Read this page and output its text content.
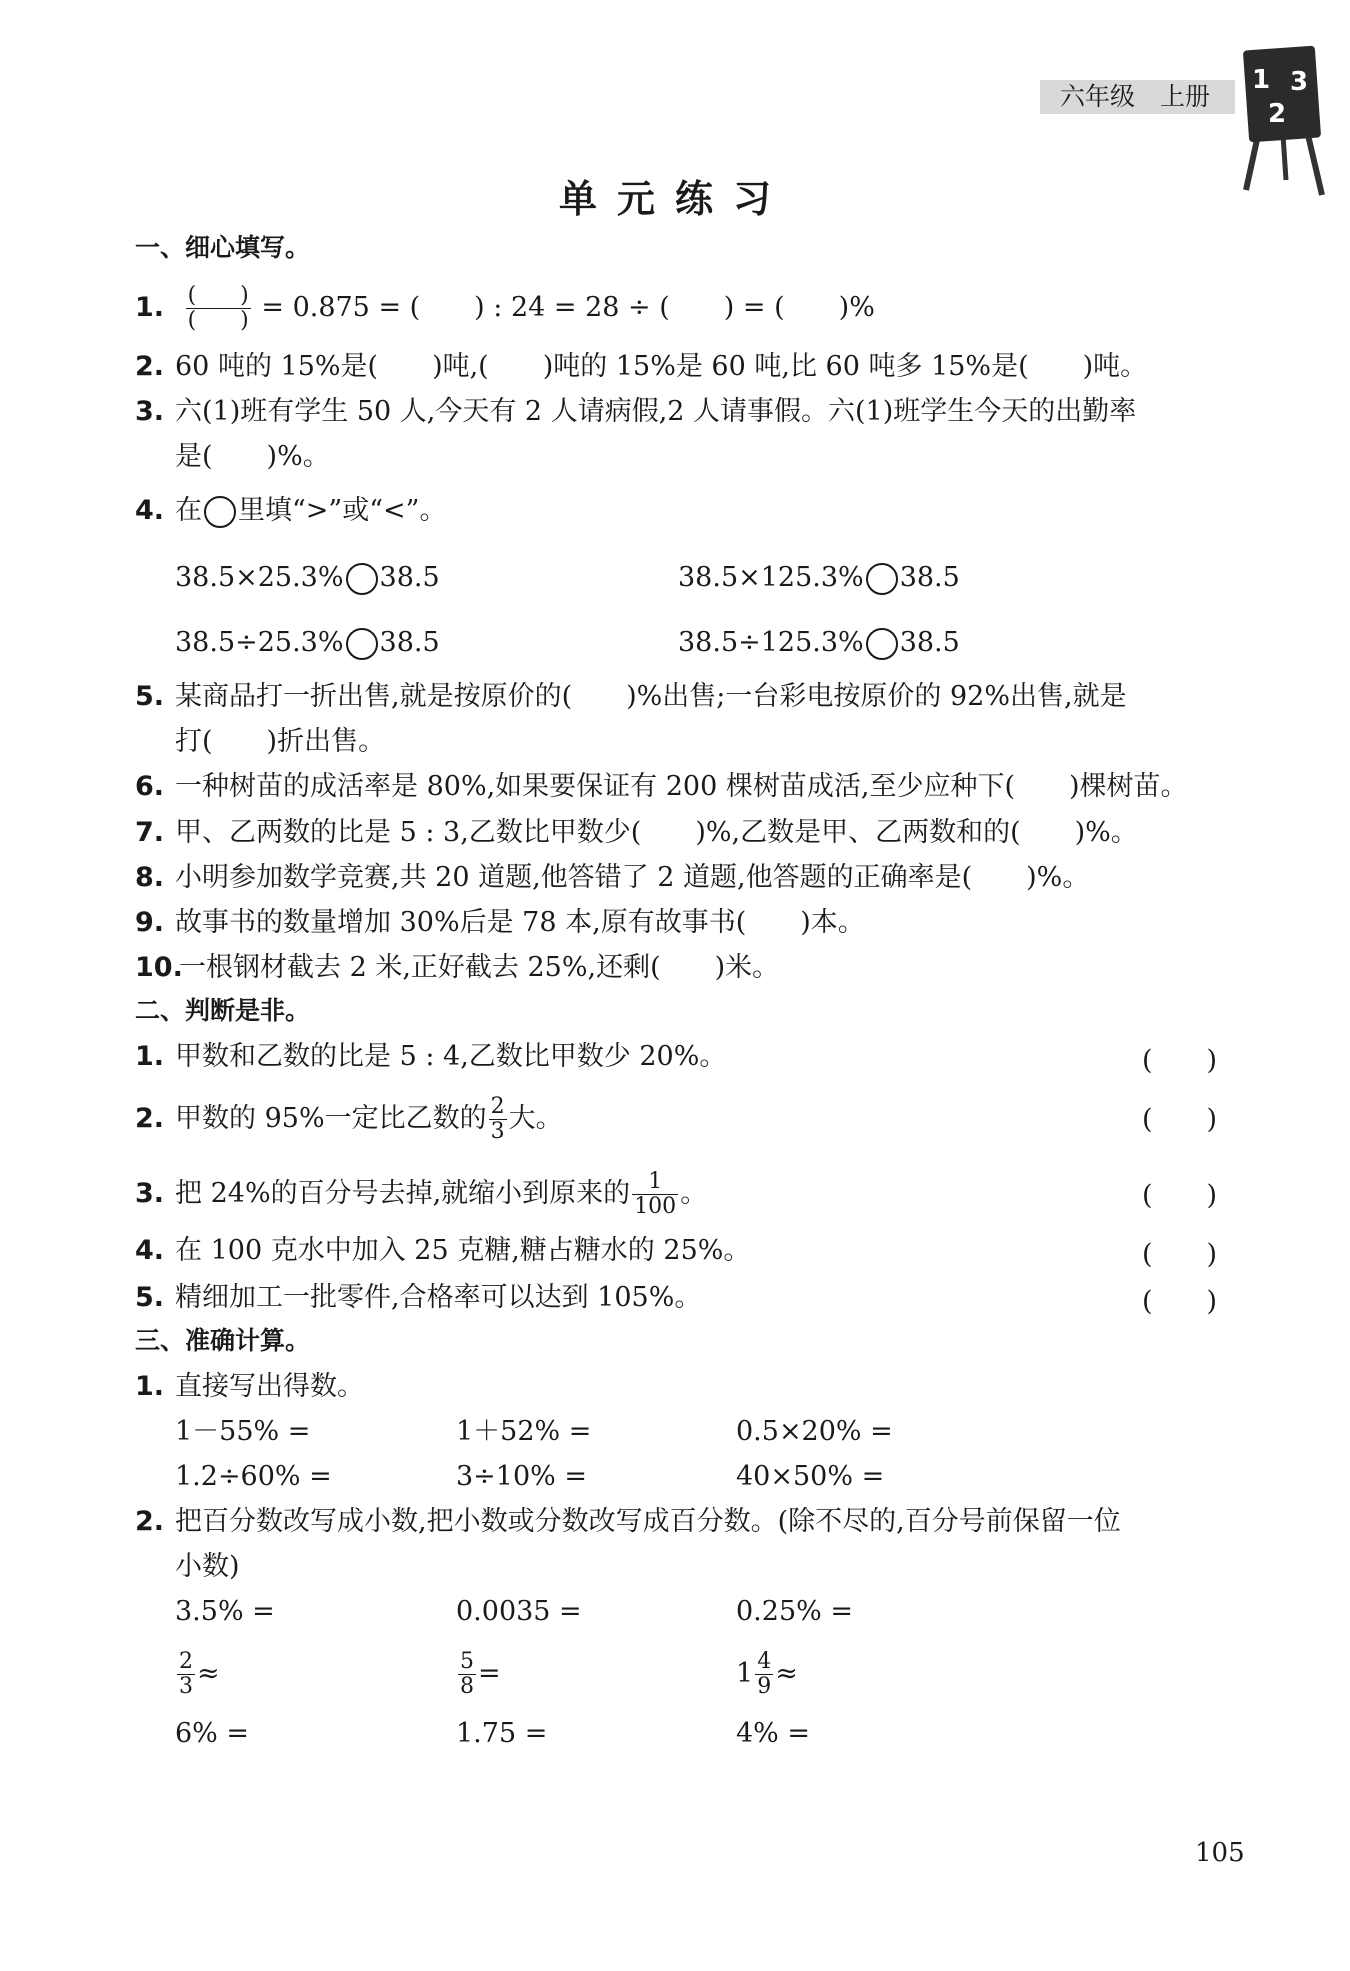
六年级　 上册
1 3
2
单元练习
一、细心填写。
1. $\frac{( )}{( )} = 0.875$ = (　　) : 24 = 28 ÷ (　　) = (　　)%
2. 60 吨的 15%是(　　)吨,(　　)吨的 15%是 60 吨,比 60 吨多 15%是(　　)吨。
3. 六(1)班有学生 50 人,今天有 2 人请病假,2 人请事假。六(1)班学生今天的出勤率
是(　　)%。
4. 在 里填“>”或“<”。
38.5×25.3% 38.5	38.5×125.3% 38.5
38.5÷25.3% 38.5	38.5÷125.3% 38.5
5. 某商品打一折出售,就是按原价的(　　)%出售;一台彩电按原价的 92%出售,就是
打(　　)折出售。
6. 一种树苗的成活率是 80%,如果要保证有 200 棵树苗成活,至少应种下(　　)棵树苗。
7. 甲、乙两数的比是 5 : 3,乙数比甲数少(　　)%,乙数是甲、乙两数和的(　　)%。
8. 小明参加数学竞赛,共 20 道题,他答错了 2 道题,他答题的正确率是(　　)%。
9. 故事书的数量增加 30%后是 78 本,原有故事书(　　)本。
10.一根钢材截去 2 米,正好截去 25%,还剩(　　)米。
二、判断是非。
1. 甲数和乙数的比是 5 : 4,乙数比甲数少 20%。	(　　)
2. 甲数的 95%一定比乙数的 $\frac{2}{3}$ 大。	(　　)
3. 把 24%的百分号去掉,就缩小到原来的 $\frac{1}{100}$ 。	(　　)
4. 在 100 克水中加入 25 克糖,糖占糖水的 25%。	(　　)
5. 精细加工一批零件,合格率可以达到 105%。	(　　)
三、准确计算。
1. 直接写出得数。
1－55% =	1＋52% =	0.5×20% =
1.2÷60% =	3÷10% =	40×50% =
2. 把百分数改写成小数,把小数或分数改写成百分数。(除不尽的,百分号前保留一位
小数)
3.5% =	0.0035 =	0.25% =
$\frac{2}{3}$ ≈	$\frac{5}{8}$ =	$1 \frac{4}{9}$ ≈
6% =	1.75 =	4% =
105
